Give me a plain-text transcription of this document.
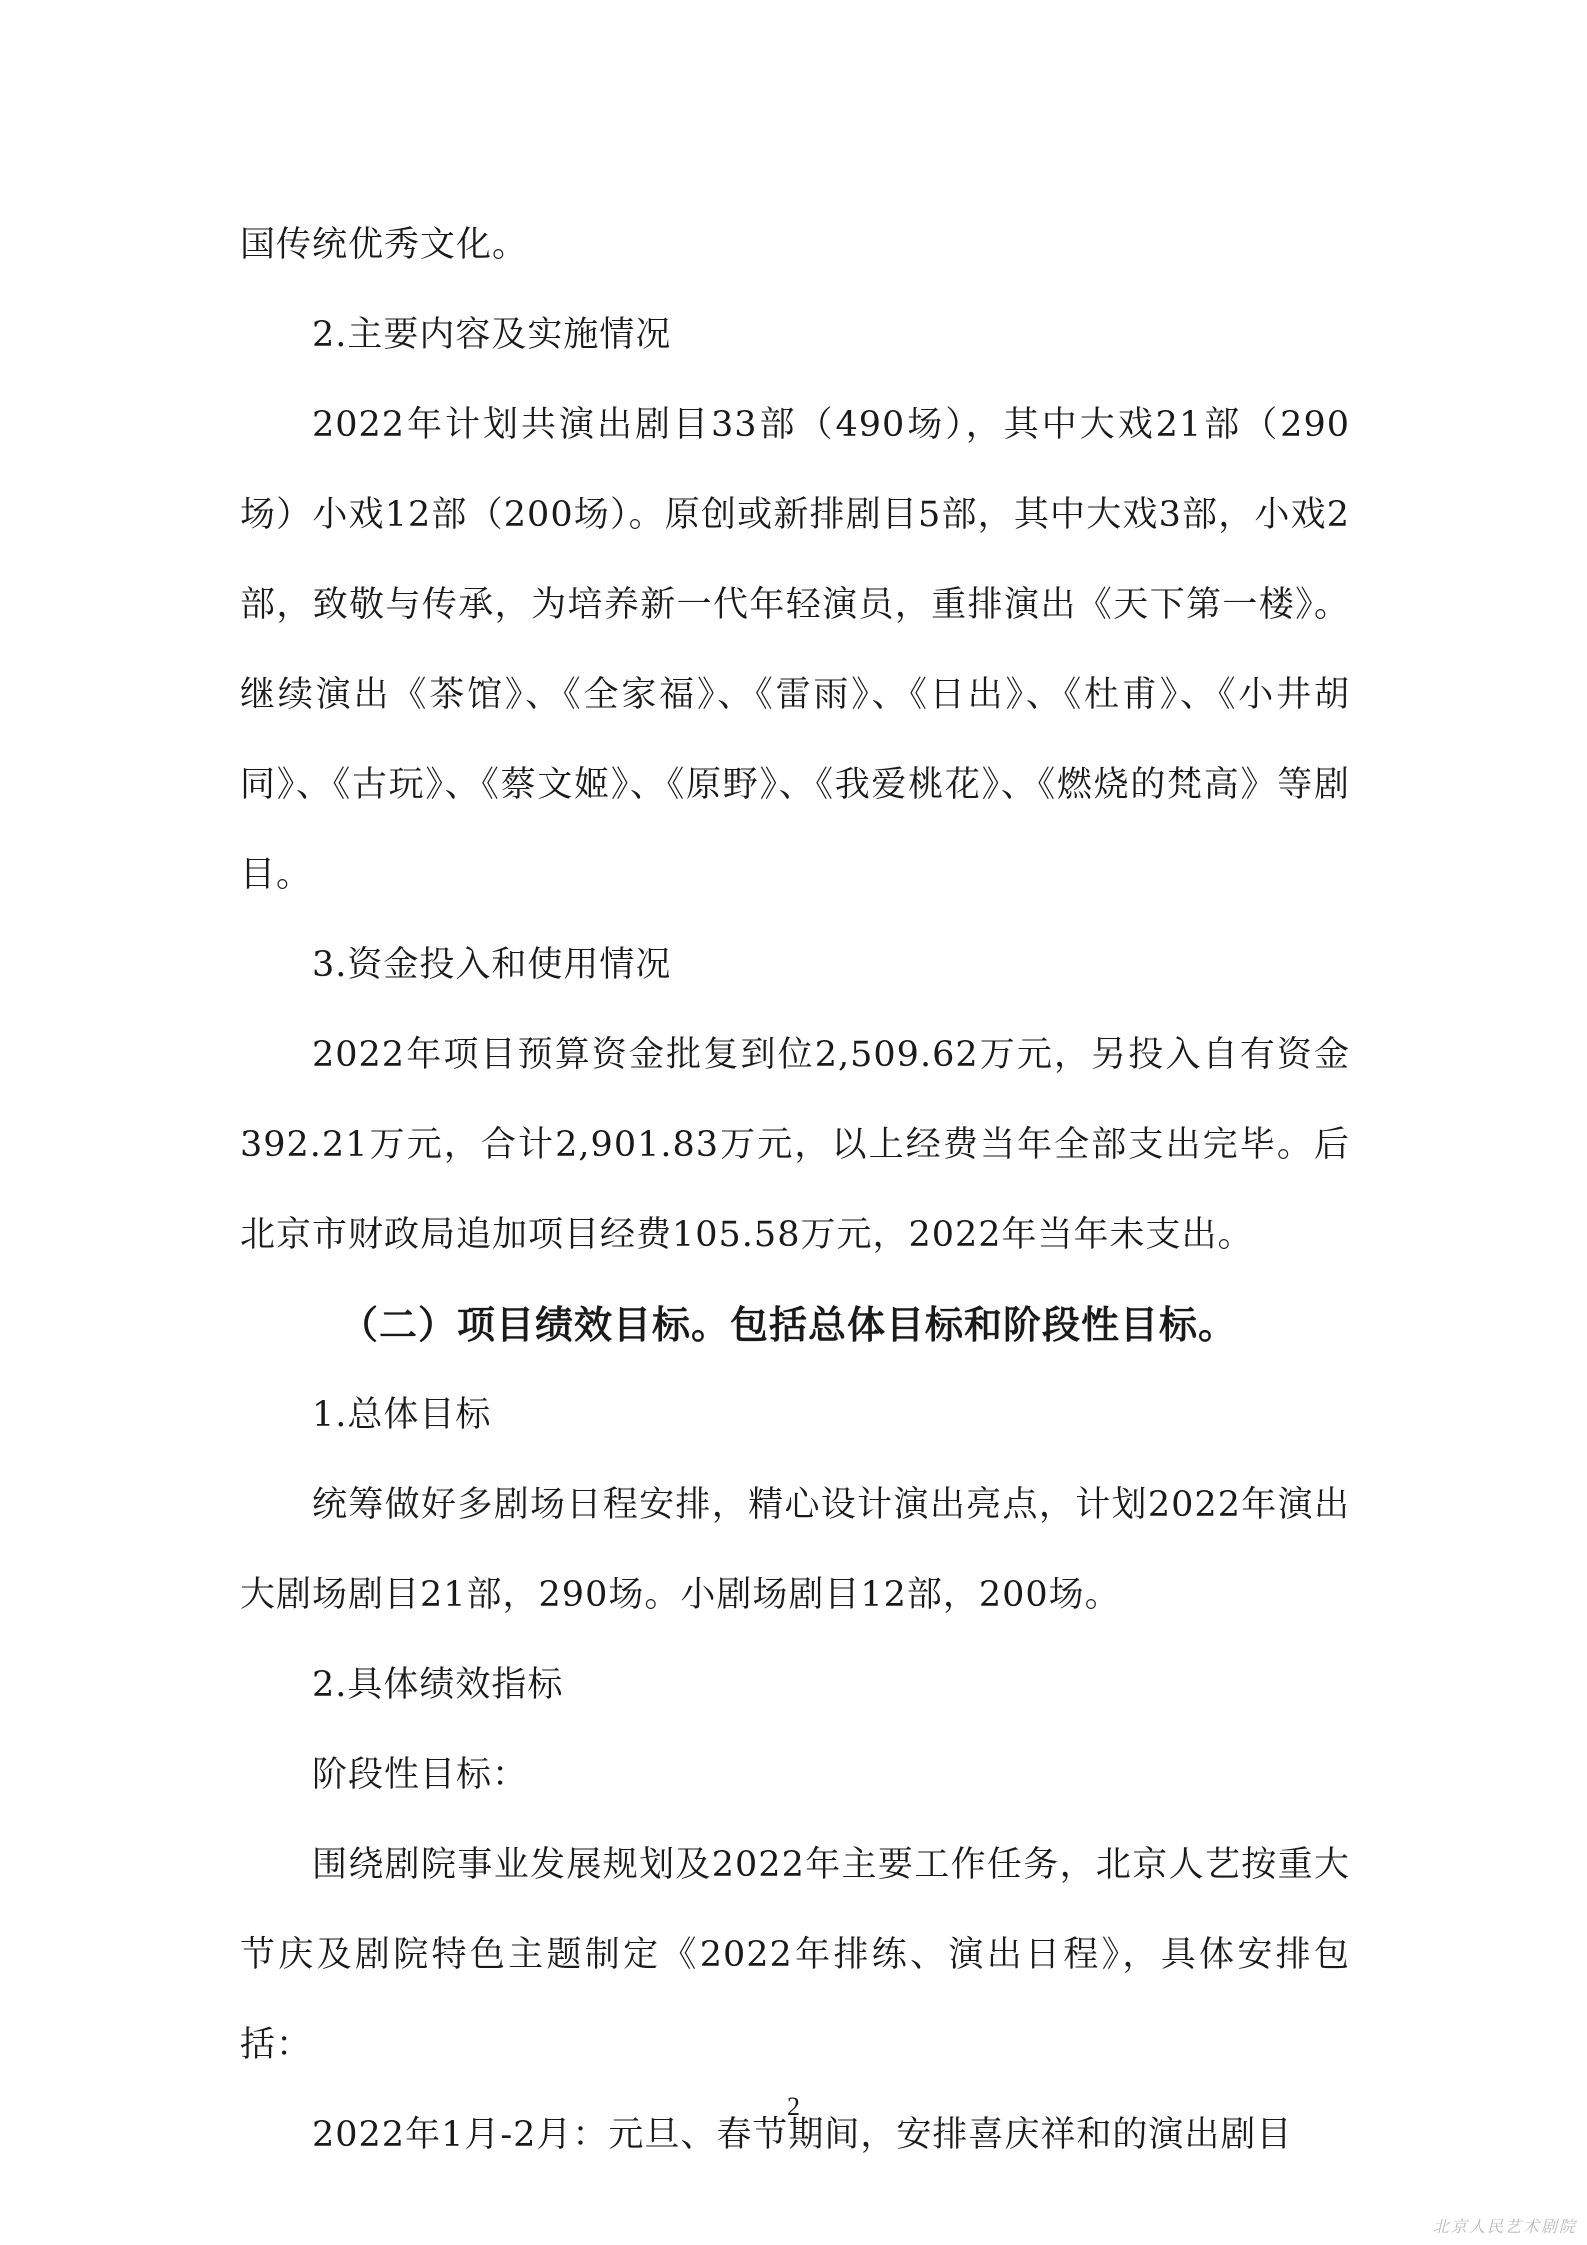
国传统优秀文化。

2.主要内容及实施情况

2022年计划共演出剧目33部（490场），其中大戏21部（290场）小戏12部（200场）。原创或新排剧目5部，其中大戏3部，小戏2部，致敬与传承，为培养新一代年轻演员，重排演出《天下第一楼》。继续演出《茶馆》、《全家福》、《雷雨》、《日出》、《杜甫》、《小井胡同》、《古玩》、《蔡文姬》、《原野》、《我爱桃花》、《燃烧的梵高》等剧目。

3.资金投入和使用情况

2022年项目预算资金批复到位2,509.62万元，另投入自有资金392.21万元，合计2,901.83万元，以上经费当年全部支出完毕。后北京市财政局追加项目经费105.58万元，2022年当年未支出。

（二）项目绩效目标。包括总体目标和阶段性目标。

1.总体目标

统筹做好多剧场日程安排，精心设计演出亮点，计划2022年演出大剧场剧目21部，290场。小剧场剧目12部，200场。

2.具体绩效指标

阶段性目标：

围绕剧院事业发展规划及2022年主要工作任务，北京人艺按重大节庆及剧院特色主题制定《2022年排练、演出日程》，具体安排包括：

2022年1月-2月：元旦、春节期间，安排喜庆祥和的演出剧目

2
北京人民艺术剧院
